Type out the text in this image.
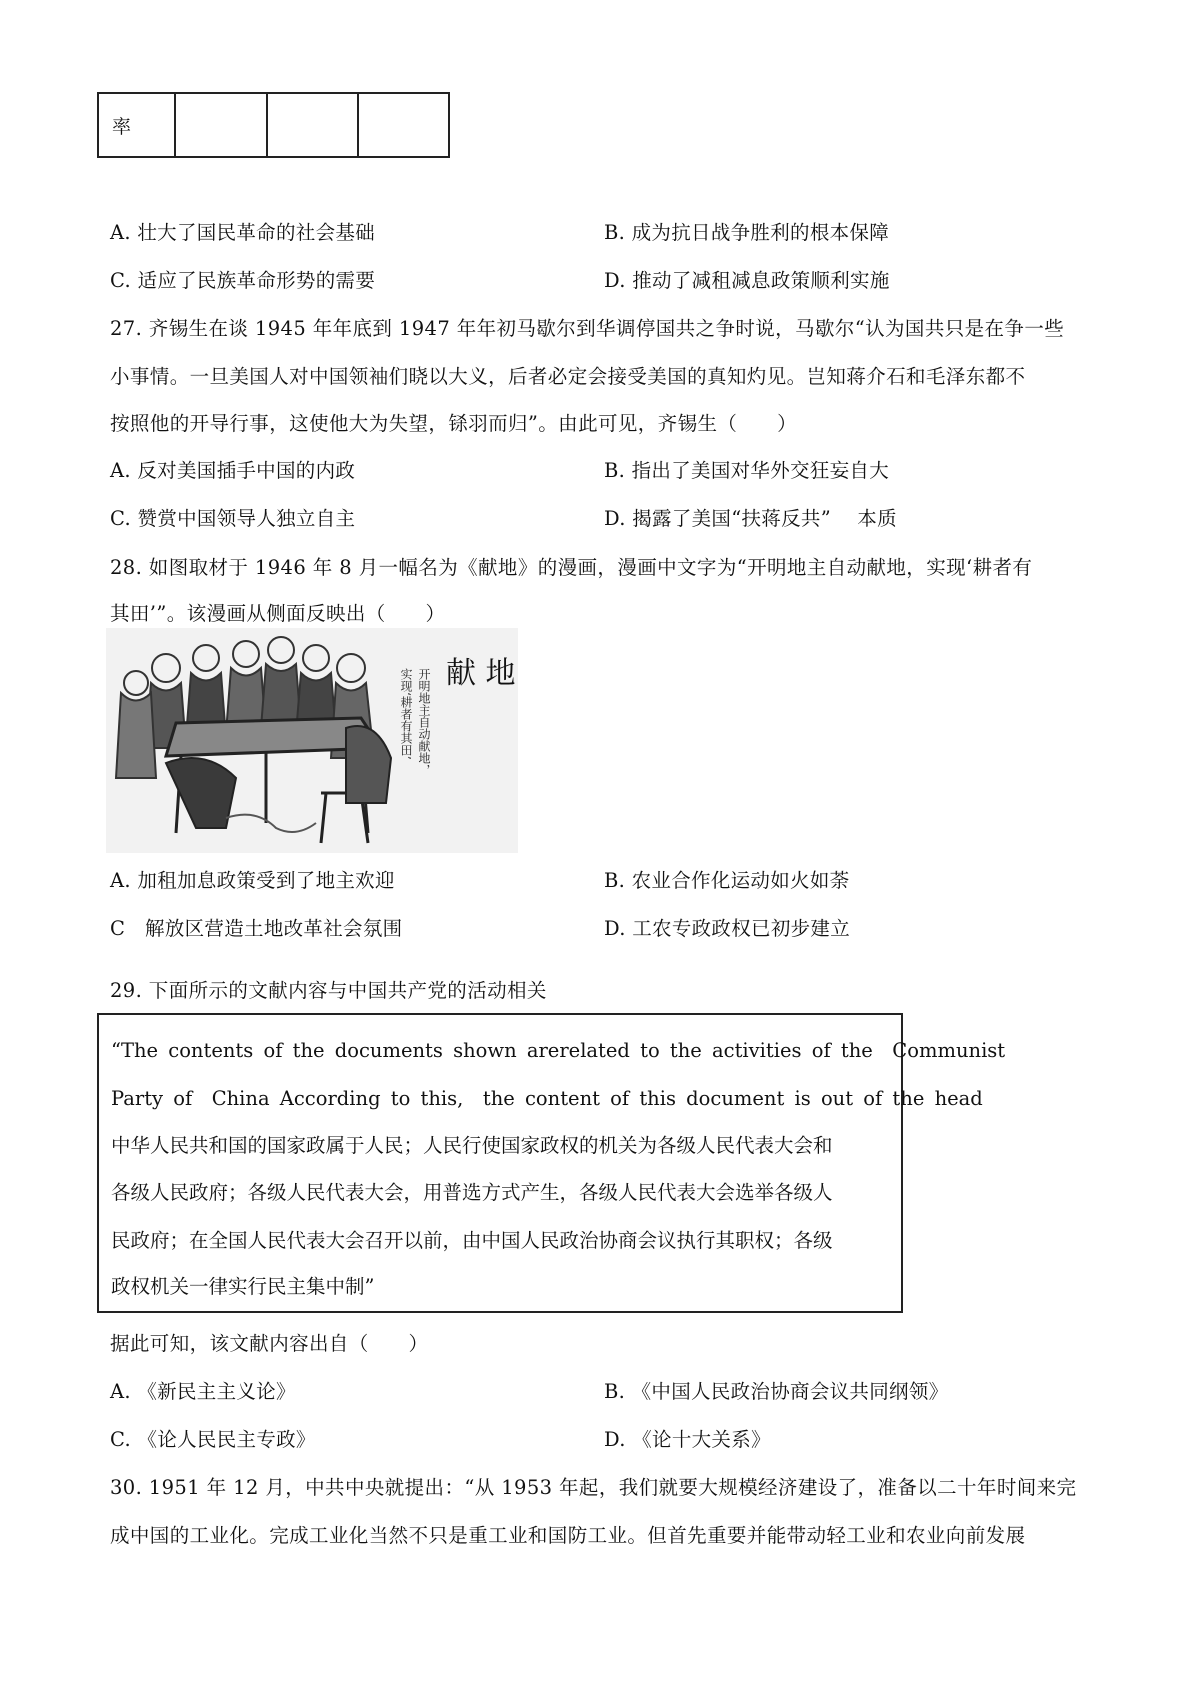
率			
A. 壮大了国民革命的社会基础	B. 成为抗日战争胜利的根本保障
C. 适应了民族革命形势的需要	D. 推动了减租减息政策顺利实施
27. 齐锡生在谈 1945 年年底到 1947 年年初马歇尔到华调停国共之争时说，马歇尔“认为国共只是在争一些
小事情。一旦美国人对中国领袖们晓以大义，后者必定会接受美国的真知灼见。岂知蒋介石和毛泽东都不
按照他的开导行事，这使他大为失望，铩羽而归”。由此可见，齐锡生（　　）
A. 反对美国插手中国的内政	B. 指出了美国对华外交狂妄自大
C. 赞赏中国领导人独立自主	D. 揭露了美国“扶蒋反共”　 本质
28. 如图取材于 1946 年 8 月一幅名为《献地》的漫画，漫画中文字为“开明地主自动献地，实现‘耕者有
其田’”。该漫画从侧面反映出（　　）
献 地
开明地主自动献地，
实现‘耕者有其田’
A. 加租加息政策受到了地主欢迎	B. 农业合作化运动如火如荼
C　解放区营造土地改革社会氛围	D. 工农专政政权已初步建立
29. 下面所示的文献内容与中国共产党的活动相关
“The contents of the documents shown arerelated to the activities of the　Communist
Party of　China According to this,　the content of this document is out of the head
中华人民共和国的国家政属于人民；人民行使国家政权的机关为各级人民代表大会和
各级人民政府；各级人民代表大会，用普选方式产生，各级人民代表大会选举各级人
民政府；在全国人民代表大会召开以前，由中国人民政治协商会议执行其职权；各级
政权机关一律实行民主集中制”
据此可知，该文献内容出自（　　）
A. 《新民主主义论》	B. 《中国人民政治协商会议共同纲领》
C. 《论人民民主专政》	D. 《论十大关系》
30. 1951 年 12 月，中共中央就提出：“从 1953 年起，我们就要大规模经济建设了，准备以二十年时间来完
成中国的工业化。完成工业化当然不只是重工业和国防工业。但首先重要并能带动轻工业和农业向前发展
